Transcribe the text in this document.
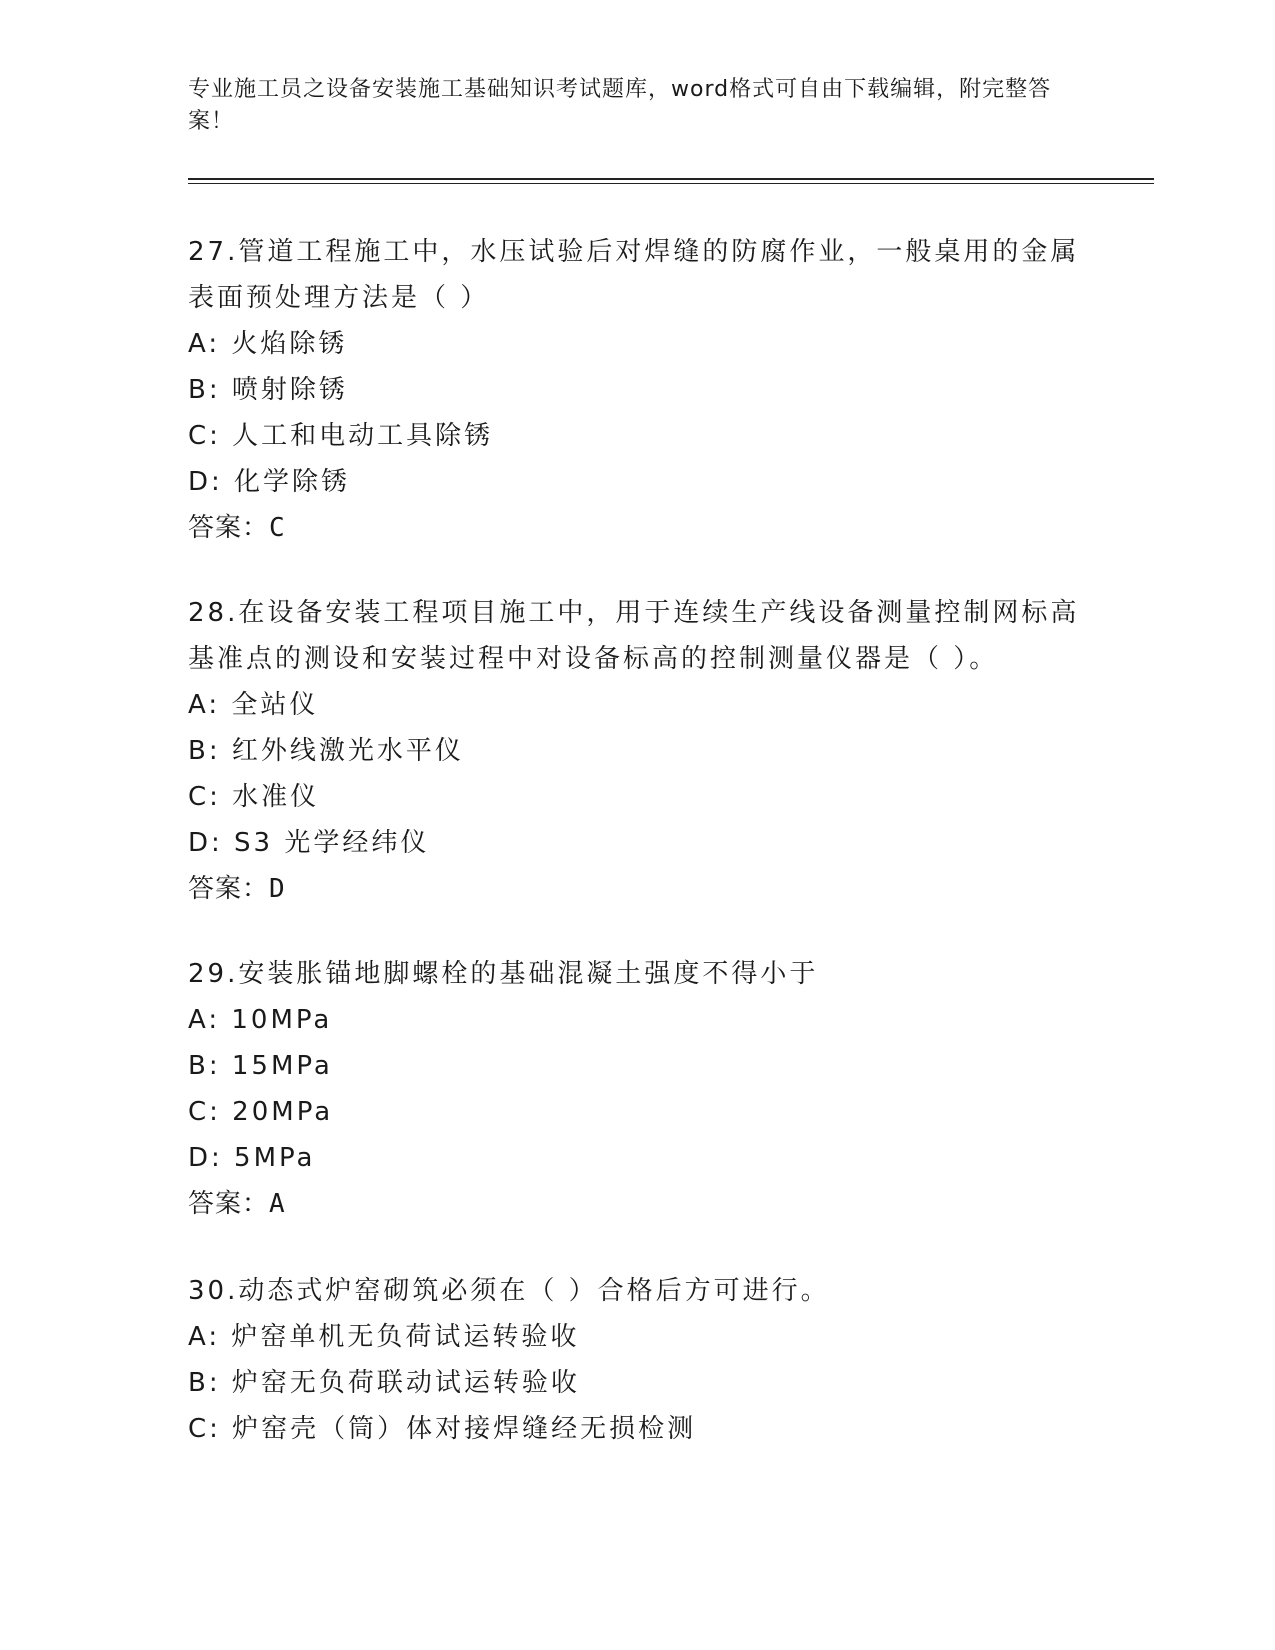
专业施工员之设备安装施工基础知识考试题库，word格式可自由下载编辑，附完整答案！

27.管道工程施工中，水压试验后对焊缝的防腐作业，一般桌用的金属表面预处理方法是（ ）

A: 火焰除锈

B: 喷射除锈

C: 人工和电动工具除锈

D: 化学除锈

答案：C

28.在设备安装工程项目施工中，用于连续生产线设备测量控制网标高基准点的测设和安装过程中对设备标高的控制测量仪器是（ ）。

A: 全站仪

B: 红外线激光水平仪

C: 水准仪

D: S3 光学经纬仪

答案：D

29.安装胀锚地脚螺栓的基础混凝土强度不得小于

A: 10MPa

B: 15MPa

C: 20MPa

D: 5MPa

答案：A

30.动态式炉窑砌筑必须在（ ）合格后方可进行。

A: 炉窑单机无负荷试运转验收

B: 炉窑无负荷联动试运转验收

C: 炉窑壳（筒）体对接焊缝经无损检测
